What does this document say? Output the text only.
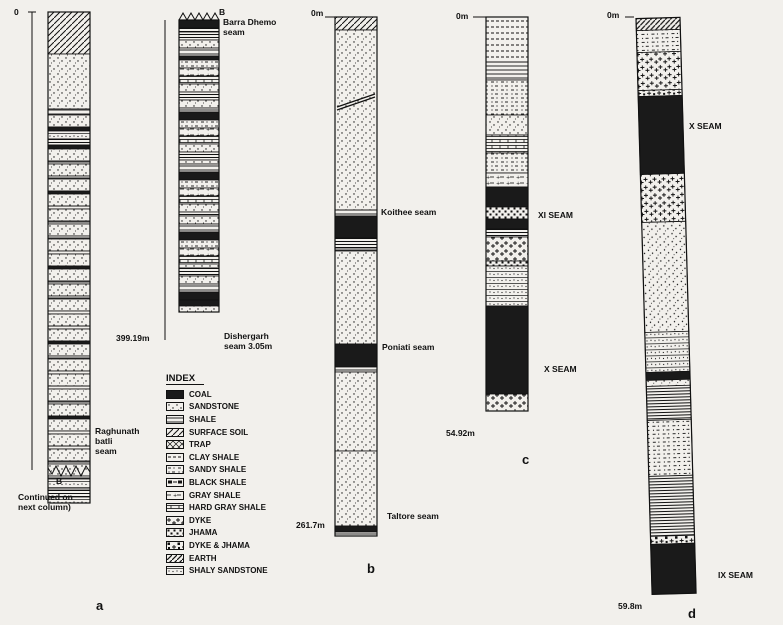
0
B
Raghunath
batli
seam
Continued on
next column)
a
B
Barra Dhemo
seam
399.19m	Dishergarh
seam 3.05m
0m
Koithee seam
Poniati seam
Taltore seam
261.7m
b
0m
XI SEAM
X SEAM
54.92m
c
0m
X SEAM
IX SEAM
59.8m	d
INDEX
COAL
SANDSTONE
SHALE
SURFACE SOIL
TRAP
CLAY SHALE
SANDY SHALE
BLACK SHALE
GRAY SHALE
HARD GRAY SHALE
DYKE
JHAMA
DYKE & JHAMA
EARTH
SHALY SANDSTONE
